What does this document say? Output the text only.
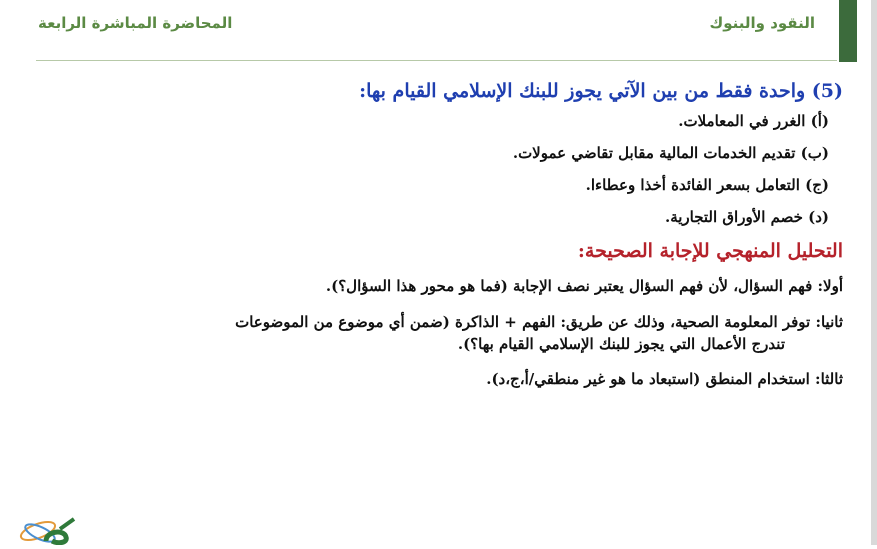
النقود والبنوك
المحاضرة المباشرة الرابعة

(5) واحدة فقط من بين الآتي يجوز للبنك الإسلامي القيام بها:

(أ) الغرر في المعاملات.
(ب) تقديم الخدمات المالية مقابل تقاضي عمولات.
(ج) التعامل بسعر الفائدة أخذا وعطاءا.
(د) خصم الأوراق التجارية.

التحليل المنهجي للإجابة الصحيحة:

أولا: فهم السؤال، لأن فهم السؤال يعتبر نصف الإجابة (فما هو محور هذا السؤال؟).

ثانيا: توفر المعلومة الصحية، وذلك عن طريق: الفهم + الذاكرة (ضمن أي موضوع من الموضوعات
تندرج الأعمال التي يجوز للبنك الإسلامي القيام بها؟).

ثالثا: استخدام المنطق (استبعاد ما هو غير منطقي/أ،ج،د).
